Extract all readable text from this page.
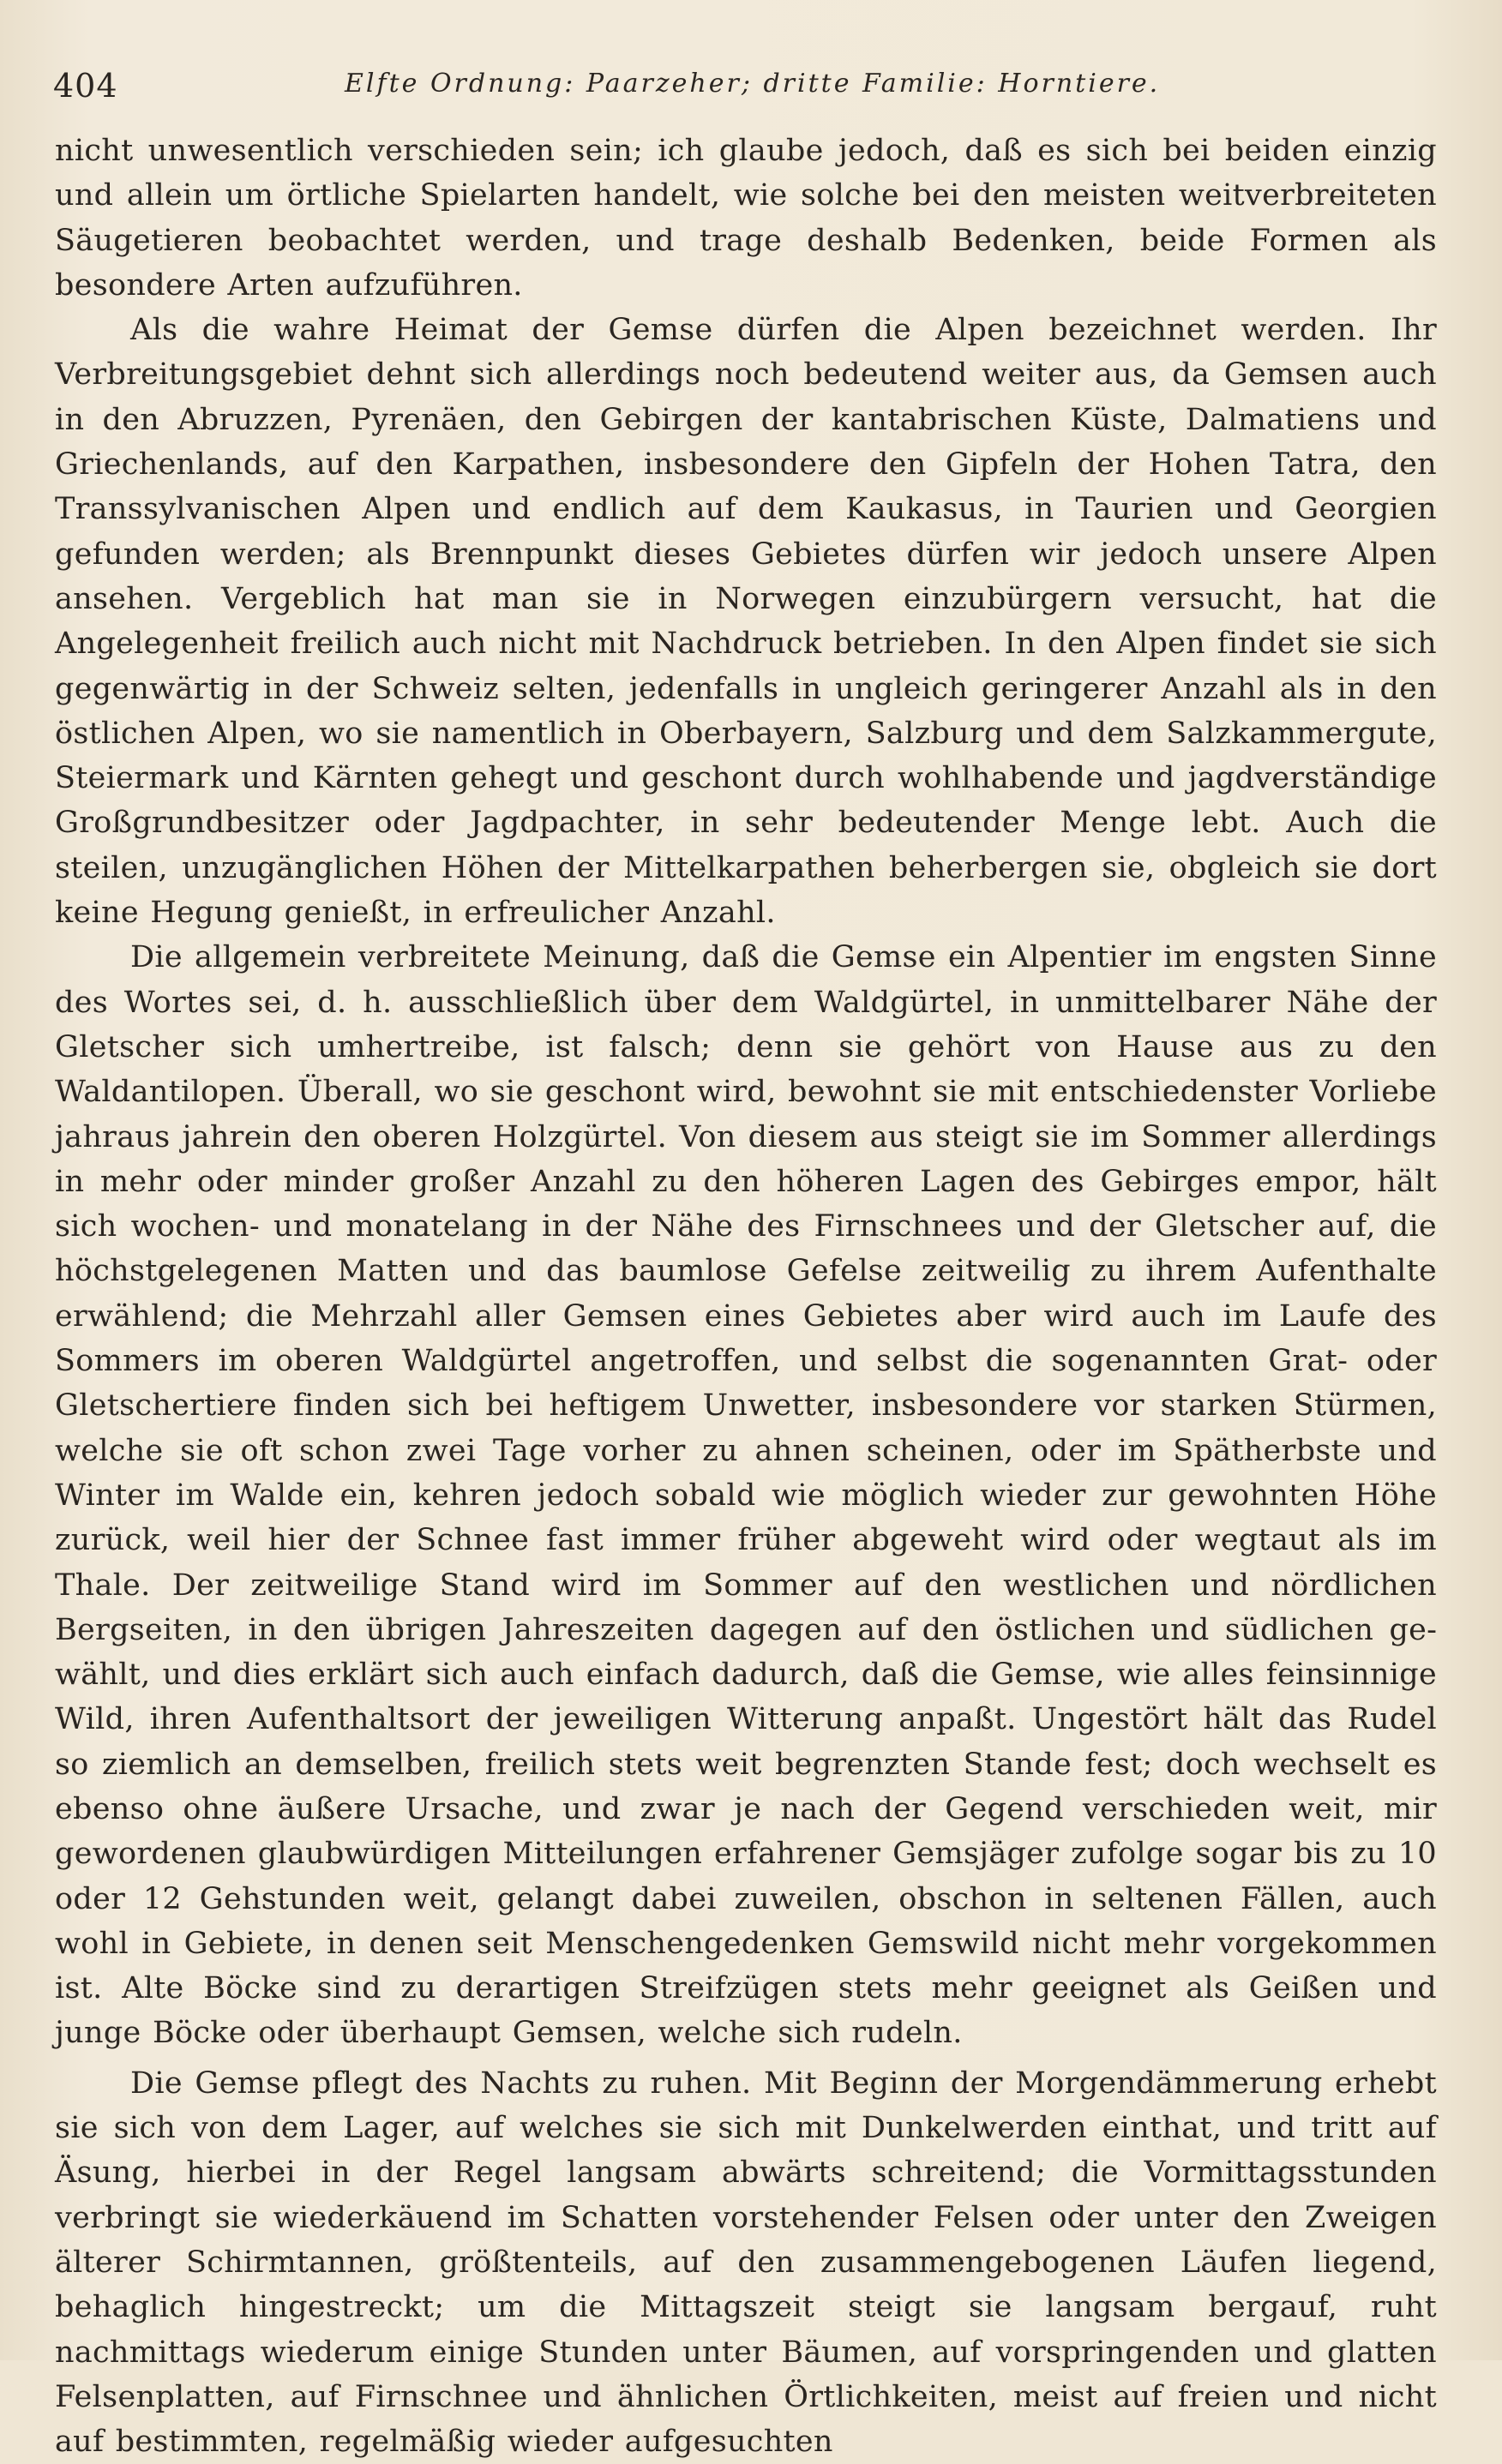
404	Elfte Ordnung: Paarzeher; dritte Familie: Horntiere.

nicht unwesentlich verschieden sein; ich glaube jedoch, daß es sich bei beiden einzig und allein um örtliche Spielarten handelt, wie solche bei den meisten weitverbreiteten Säugetieren beobachtet werden, und trage deshalb Bedenken, beide Formen als besondere Arten aufzuführen.

Als die wahre Heimat der Gemse dürfen die Alpen bezeichnet werden. Ihr Verbreitungsgebiet dehnt sich allerdings noch bedeutend weiter aus, da Gemsen auch in den Abruzzen, Pyrenäen, den Gebirgen der kantabrischen Küste, Dalmatiens und Griechenlands, auf den Karpathen, insbesondere den Gipfeln der Hohen Tatra, den Transsylvanischen Alpen und endlich auf dem Kaukasus, in Taurien und Georgien gefunden werden; als Brennpunkt dieses Gebietes dürfen wir jedoch unsere Alpen ansehen. Vergeblich hat man sie in Norwegen einzubürgern versucht, hat die Angelegenheit freilich auch nicht mit Nachdruck betrieben. In den Alpen findet sie sich gegenwärtig in der Schweiz selten, jedenfalls in ungleich geringerer Anzahl als in den östlichen Alpen, wo sie namentlich in Oberbayern, Salzburg und dem Salzkammergute, Steiermark und Kärnten gehegt und geschont durch wohlhabende und jagdverständige Großgrundbesitzer oder Jagdpachter, in sehr bedeutender Menge lebt. Auch die steilen, unzugänglichen Höhen der Mittelkarpathen beherbergen sie, obgleich sie dort keine Hegung genießt, in erfreulicher Anzahl.

Die allgemein verbreitete Meinung, daß die Gemse ein Alpentier im engsten Sinne des Wortes sei, d. h. ausschließlich über dem Waldgürtel, in unmittelbarer Nähe der Gletscher sich umhertreibe, ist falsch; denn sie gehört von Hause aus zu den Waldantilopen. Überall, wo sie geschont wird, bewohnt sie mit entschiedenster Vorliebe jahraus jahrein den oberen Holzgürtel. Von diesem aus steigt sie im Sommer allerdings in mehr oder minder großer Anzahl zu den höheren Lagen des Gebirges empor, hält sich wochen- und monatelang in der Nähe des Firnschnees und der Gletscher auf, die höchstgelegenen Matten und das baumlose Gefelse zeitweilig zu ihrem Aufenthalte erwählend; die Mehrzahl aller Gemsen eines Gebietes aber wird auch im Laufe des Sommers im oberen Waldgürtel angetroffen, und selbst die sogenannten Grat- oder Gletschertiere finden sich bei heftigem Unwetter, insbesondere vor starken Stürmen, welche sie oft schon zwei Tage vorher zu ahnen scheinen, oder im Spätherbste und Winter im Walde ein, kehren jedoch sobald wie möglich wieder zur gewohnten Höhe zurück, weil hier der Schnee fast immer früher abgeweht wird oder wegtaut als im Thale. Der zeitweilige Stand wird im Sommer auf den westlichen und nördlichen Bergseiten, in den übrigen Jahreszeiten dagegen auf den östlichen und südlichen gewählt, und dies erklärt sich auch einfach dadurch, daß die Gemse, wie alles feinsinnige Wild, ihren Aufenthaltsort der jeweiligen Witterung anpaßt. Ungestört hält das Rudel so ziemlich an demselben, freilich stets weit begrenzten Stande fest; doch wechselt es ebenso ohne äußere Ursache, und zwar je nach der Gegend verschieden weit, mir gewordenen glaubwürdigen Mitteilungen erfahrener Gemsjäger zufolge sogar bis zu 10 oder 12 Gehstunden weit, gelangt dabei zuweilen, obschon in seltenen Fällen, auch wohl in Gebiete, in denen seit Menschengedenken Gemswild nicht mehr vorgekommen ist. Alte Böcke sind zu derartigen Streifzügen stets mehr geeignet als Geißen und junge Böcke oder überhaupt Gemsen, welche sich rudeln.

Die Gemse pflegt des Nachts zu ruhen. Mit Beginn der Morgendämmerung erhebt sie sich von dem Lager, auf welches sie sich mit Dunkelwerden einthat, und tritt auf Äsung, hierbei in der Regel langsam abwärts schreitend; die Vormittagsstunden verbringt sie wiederkäuend im Schatten vorstehender Felsen oder unter den Zweigen älterer Schirmtannen, größtenteils, auf den zusammengebogenen Läufen liegend, behaglich hingestreckt; um die Mittagszeit steigt sie langsam bergauf, ruht nachmittags wiederum einige Stunden unter Bäumen, auf vorspringenden und glatten Felsenplatten, auf Firnschnee und ähnlichen Örtlichkeiten, meist auf freien und nicht auf bestimmten, regelmäßig wieder aufgesuchten
